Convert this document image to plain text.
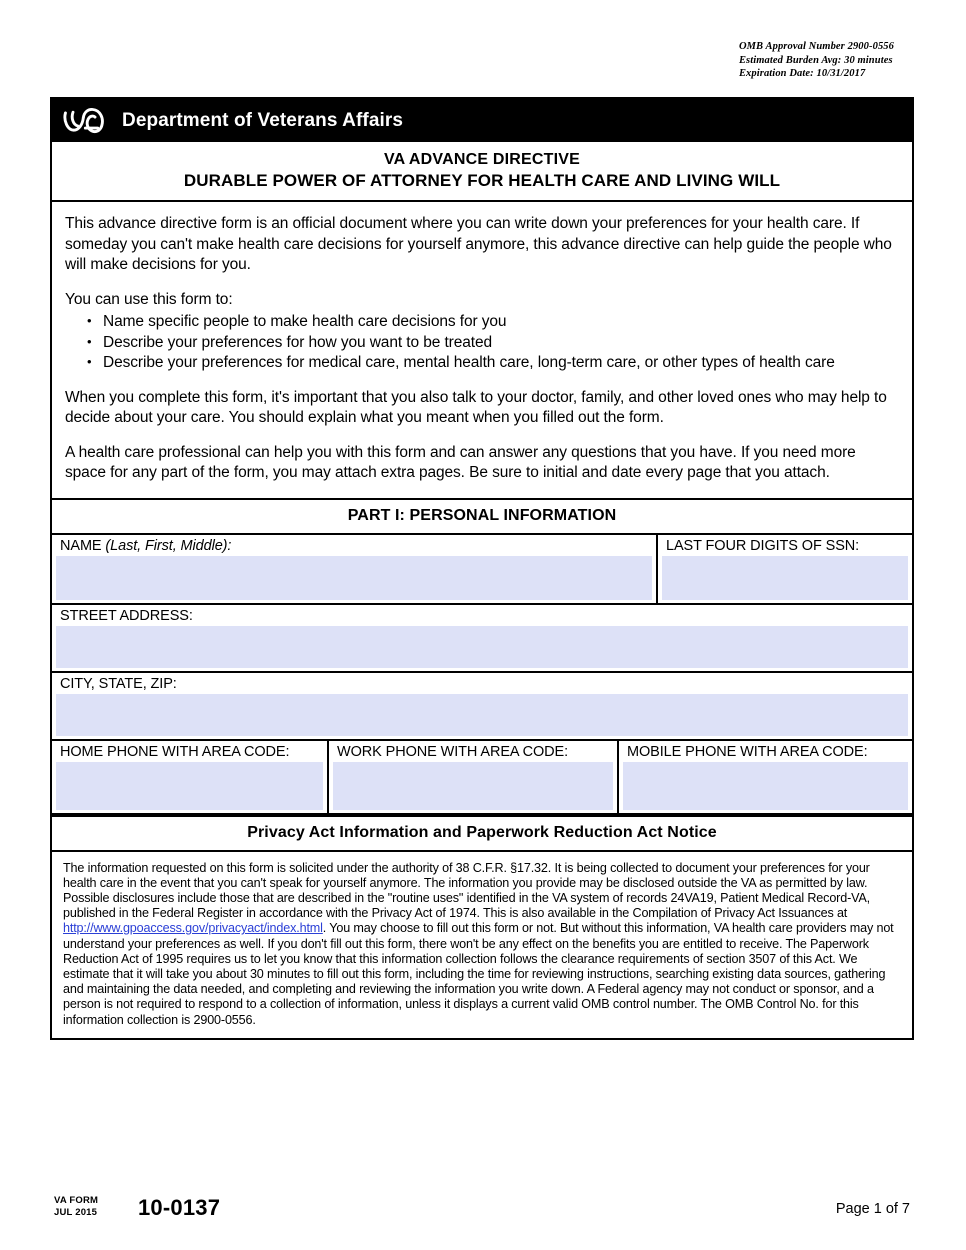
OMB Approval Number 2900-0556
Estimated Burden Avg: 30 minutes
Expiration Date: 10/31/2017
Department of Veterans Affairs
VA ADVANCE DIRECTIVE
DURABLE POWER OF ATTORNEY FOR HEALTH CARE AND LIVING WILL

This advance directive form is an official document where you can write down your preferences for your health care. If someday you can't make health care decisions for yourself anymore, this advance directive can help guide the people who will make decisions for you.

You can use this form to:

• Name specific people to make health care decisions for you
• Describe your preferences for how you want to be treated
• Describe your preferences for medical care, mental health care, long-term care, or other types of health care

When you complete this form, it's important that you also talk to your doctor, family, and other loved ones who may help to decide about your care. You should explain what you meant when you filled out the form.

A health care professional can help you with this form and can answer any questions that you have. If you need more space for any part of the form, you may attach extra pages. Be sure to initial and date every page that you attach.

PART I: PERSONAL INFORMATION
NAME (Last, First, Middle):	LAST FOUR DIGITS OF SSN:
STREET ADDRESS:
CITY, STATE, ZIP:
HOME PHONE WITH AREA CODE:	WORK PHONE WITH AREA CODE:	MOBILE PHONE WITH AREA CODE:
Privacy Act Information and Paperwork Reduction Act Notice

The information requested on this form is solicited under the authority of 38 C.F.R. §17.32. It is being collected to document your preferences for your health care in the event that you can't speak for yourself anymore. The information you provide may be disclosed outside the VA as permitted by law. Possible disclosures include those that are described in the "routine uses" identified in the VA system of records 24VA19, Patient Medical Record-VA, published in the Federal Register in accordance with the Privacy Act of 1974. This is also available in the Compilation of Privacy Act Issuances at http://www.gpoaccess.gov/privacyact/index.html. You may choose to fill out this form or not. But without this information, VA health care providers may not understand your preferences as well. If you don't fill out this form, there won't be any effect on the benefits you are entitled to receive. The Paperwork Reduction Act of 1995 requires us to let you know that this information collection follows the clearance requirements of section 3507 of this Act. We estimate that it will take you about 30 minutes to fill out this form, including the time for reviewing instructions, searching existing data sources, gathering and maintaining the data needed, and completing and reviewing the information you write down. A Federal agency may not conduct or sponsor, and a person is not required to respond to a collection of information, unless it displays a current valid OMB control number. The OMB Control No. for this information collection is 2900-0556.

VA FORM
JUL 2015 10-0137	Page 1 of 7
